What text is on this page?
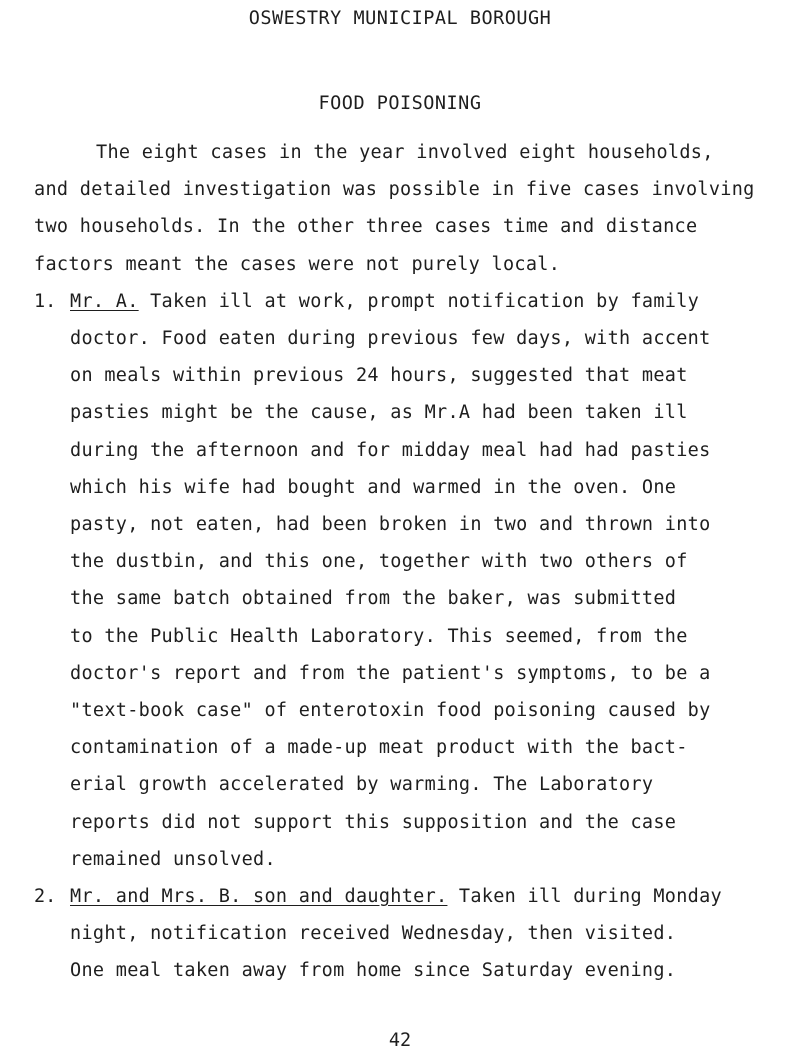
OSWESTRY MUNICIPAL BOROUGH
FOOD POISONING
The eight cases in the year involved eight households,
and detailed investigation was possible in five cases involving
two households. In the other three cases time and distance
factors meant the cases were not purely local.
1. Mr. A. Taken ill at work, prompt notification by family
doctor. Food eaten during previous few days, with accent
on meals within previous 24 hours, suggested that meat
pasties might be the cause, as Mr.A had been taken ill
during the afternoon and for midday meal had had pasties
which his wife had bought and warmed in the oven. One
pasty, not eaten, had been broken in two and thrown into
the dustbin, and this one, together with two others of
the same batch obtained from the baker, was submitted
to the Public Health Laboratory. This seemed, from the
doctor's report and from the patient's symptoms, to be a
"text-book case" of enterotoxin food poisoning caused by
contamination of a made-up meat product with the bact-
erial growth accelerated by warming. The Laboratory
reports did not support this supposition and the case
remained unsolved.
2. Mr. and Mrs. B. son and daughter. Taken ill during Monday
night, notification received Wednesday, then visited.
One meal taken away from home since Saturday evening.
42
